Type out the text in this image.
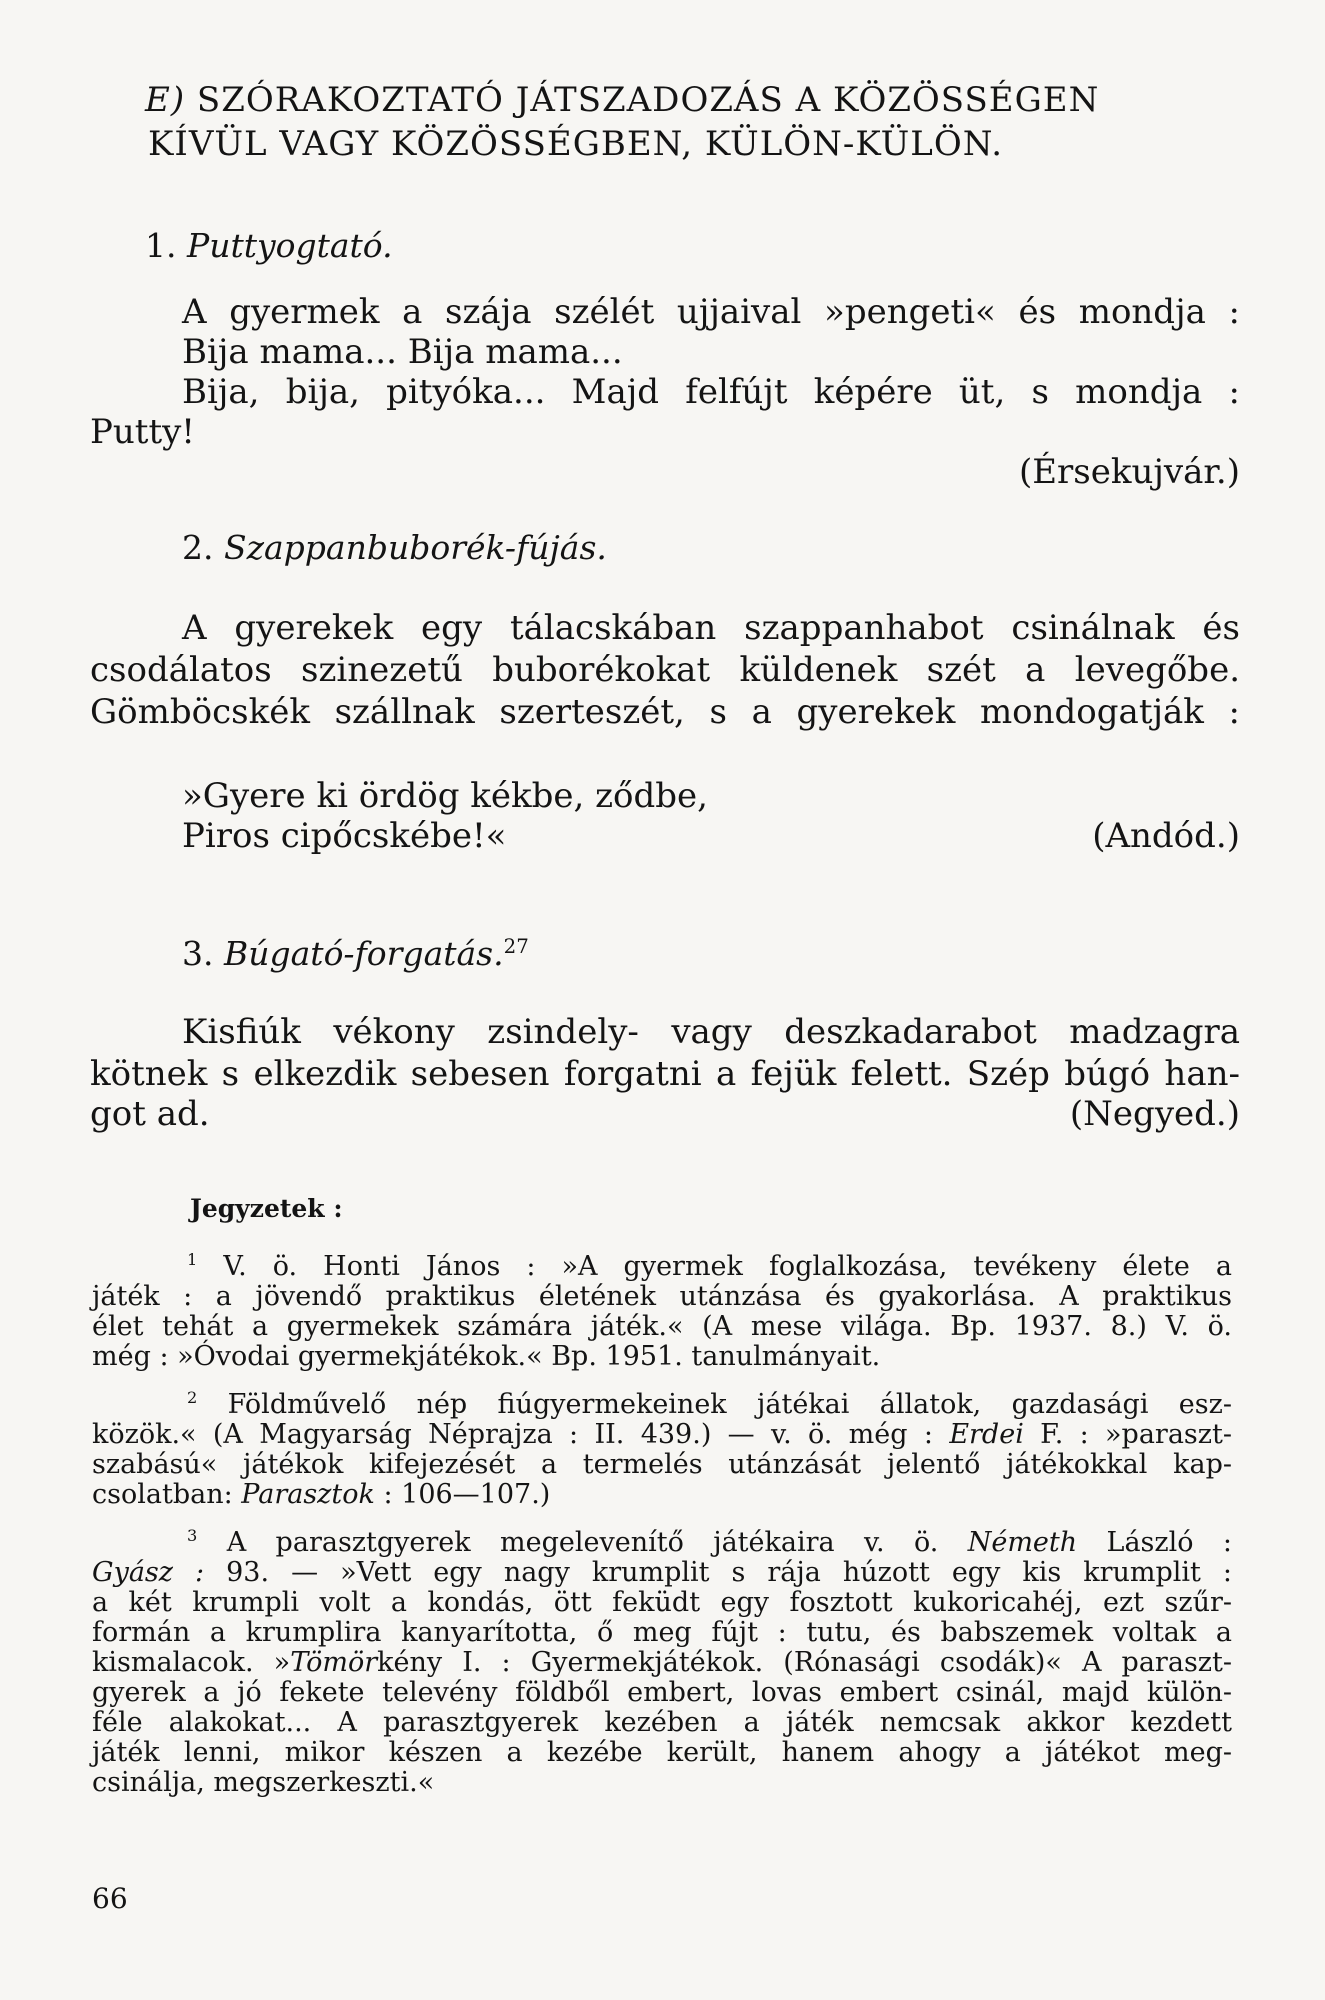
E) SZÓRAKOZTATÓ JÁTSZADOZÁS A KÖZÖSSÉGEN
KÍVÜL VAGY KÖZÖSSÉGBEN, KÜLÖN-KÜLÖN.
1. Puttyogtató.
A gyermek a szája szélét ujjaival »pengeti« és mondja :
Bija mama... Bija mama...
Bija, bija, pityóka... Majd felfújt képére üt, s mondja :
Putty!
(Érsekujvár.)
2. Szappanbuborék-fújás.
A gyerekek egy tálacskában szappanhabot csinálnak és
csodálatos szinezetű buborékokat küldenek szét a levegőbe.
Gömböcskék szállnak szerteszét, s a gyerekek mondogatják :
»Gyere ki ördög kékbe, ződbe,
Piros cipőcskébe!«	(Andód.)
3. Búgató-forgatás.$^{27}$
Kisfiúk vékony zsindely- vagy deszkadarabot madzagra
kötnek s elkezdik sebesen forgatni a fejük felett. Szép búgó han-
got ad.	(Negyed.)
Jegyzetek :
$^1$ V. ö. Honti János : »A gyermek foglalkozása, tevékeny élete a
játék : a jövendő praktikus életének utánzása és gyakorlása. A praktikus
élet tehát a gyermekek számára játék.« (A mese világa. Bp. 1937. 8.) V. ö.
még : »Óvodai gyermekjátékok.« Bp. 1951. tanulmányait.
$^2$ Földművelő nép fiúgyermekeinek játékai állatok, gazdasági esz-
közök.« (A Magyarság Néprajza : II. 439.) — v. ö. még : Erdei F. : »paraszt-
szabású« játékok kifejezését a termelés utánzását jelentő játékokkal kap-
csolatban: Parasztok : 106—107.)
$^3$ A parasztgyerek megelevenítő játékaira v. ö. Németh László :
Gyász : 93. — »Vett egy nagy krumplit s rája húzott egy kis krumplit :
a két krumpli volt a kondás, ött feküdt egy fosztott kukoricahéj, ezt szűr-
formán a krumplira kanyarította, ő meg fújt : tutu, és babszemek voltak a
kismalacok. »Tömörkény I. : Gyermekjátékok. (Rónasági csodák)« A paraszt-
gyerek a jó fekete televény földből embert, lovas embert csinál, majd külön-
féle alakokat... A parasztgyerek kezében a játék nemcsak akkor kezdett
játék lenni, mikor készen a kezébe került, hanem ahogy a játékot meg-
csinálja, megszerkeszti.«
66
